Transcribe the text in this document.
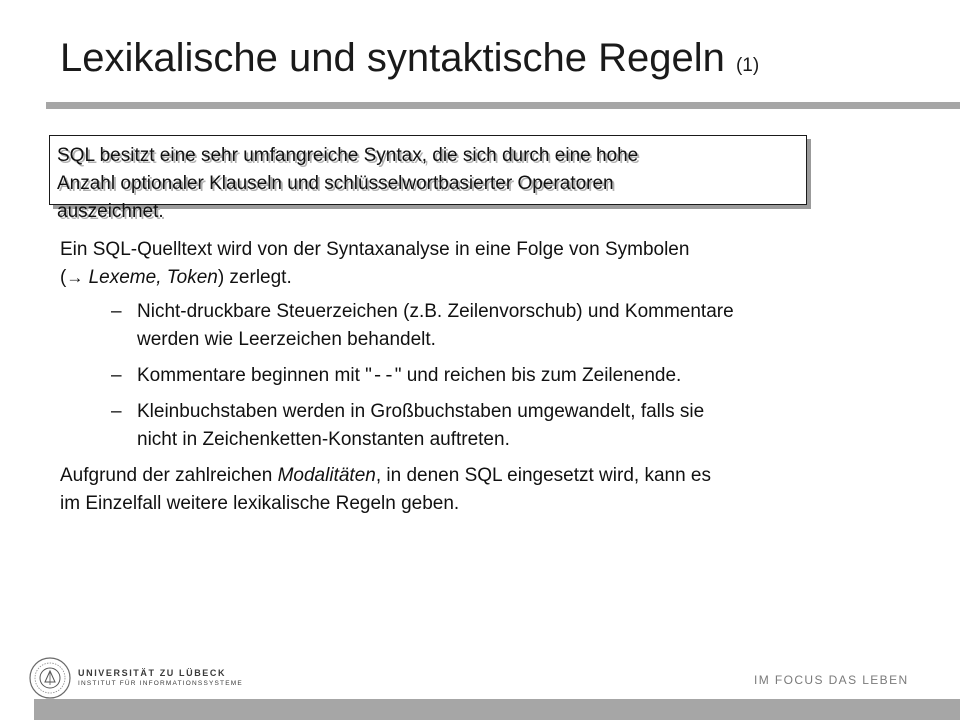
Lexikalische und syntaktische Regeln (1)
SQL besitzt eine sehr umfangreiche Syntax, die sich durch eine hohe
Anzahl optionaler Klauseln und schlüsselwortbasierter Operatoren
auszeichnet.
Ein SQL-Quelltext wird von der Syntaxanalyse in eine Folge von Symbolen
(→ Lexeme, Token) zerlegt.
– Nicht-druckbare Steuerzeichen (z.B. Zeilenvorschub) und Kommentare
werden wie Leerzeichen behandelt.
– Kommentare beginnen mit "--" und reichen bis zum Zeilenende.
– Kleinbuchstaben werden in Großbuchstaben umgewandelt, falls sie
nicht in Zeichenketten-Konstanten auftreten.
Aufgrund der zahlreichen Modalitäten, in denen SQL eingesetzt wird, kann es
im Einzelfall weitere lexikalische Regeln geben.
UNIVERSITÄT ZU LÜBECK
INSTITUT FÜR INFORMATIONSSYSTEME	IM FOCUS DAS LEBEN
